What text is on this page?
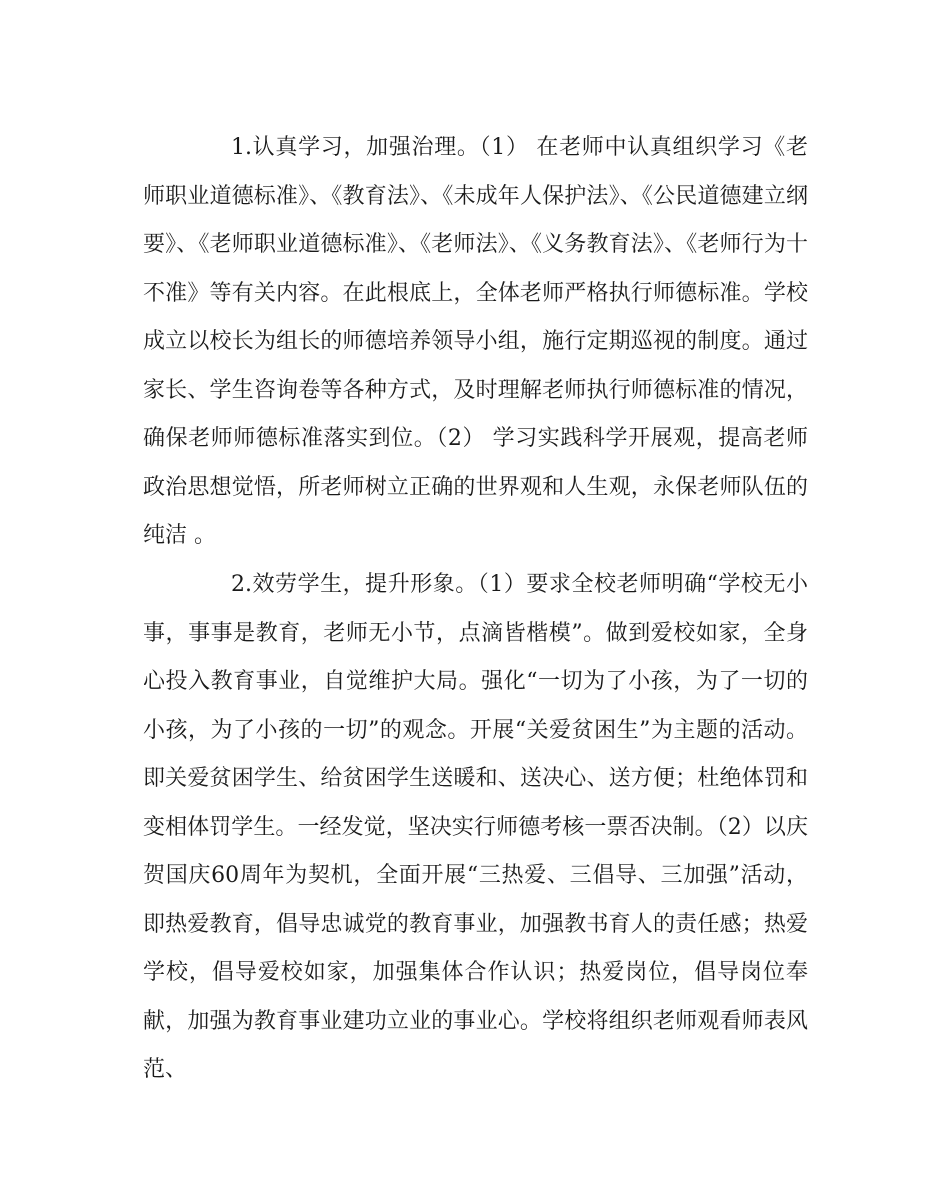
1.认真学习，加强治理。（1） 在老师中认真组织学习《老师职业道德标准》、《教育法》、《未成年人保护法》、《公民道德建立纲要》、《老师职业道德标准》、《老师法》、《义务教育法》、《老师行为十不准》等有关内容。在此根底上，全体老师严格执行师德标准。学校成立以校长为组长的师德培养领导小组，施行定期巡视的制度。通过家长、学生咨询卷等各种方式，及时理解老师执行师德标准的情况，确保老师师德标准落实到位。（2） 学习实践科学开展观，提高老师政治思想觉悟，所老师树立正确的世界观和人生观，永保老师队伍的纯洁 。

2.效劳学生，提升形象。（1）要求全校老师明确“学校无小事，事事是教育，老师无小节，点滴皆楷模”。做到爱校如家，全身心投入教育事业，自觉维护大局。强化“一切为了小孩，为了一切的小孩，为了小孩的一切”的观念。开展“关爱贫困生”为主题的活动。即关爱贫困学生、给贫困学生送暖和、送决心、送方便；杜绝体罚和变相体罚学生。一经发觉，坚决实行师德考核一票否决制。（2）以庆贺国庆60周年为契机，全面开展“三热爱、三倡导、三加强”活动，即热爱教育，倡导忠诚党的教育事业，加强教书育人的责任感；热爱学校，倡导爱校如家，加强集体合作认识；热爱岗位，倡导岗位奉献，加强为教育事业建功立业的事业心。学校将组织老师观看师表风范、
